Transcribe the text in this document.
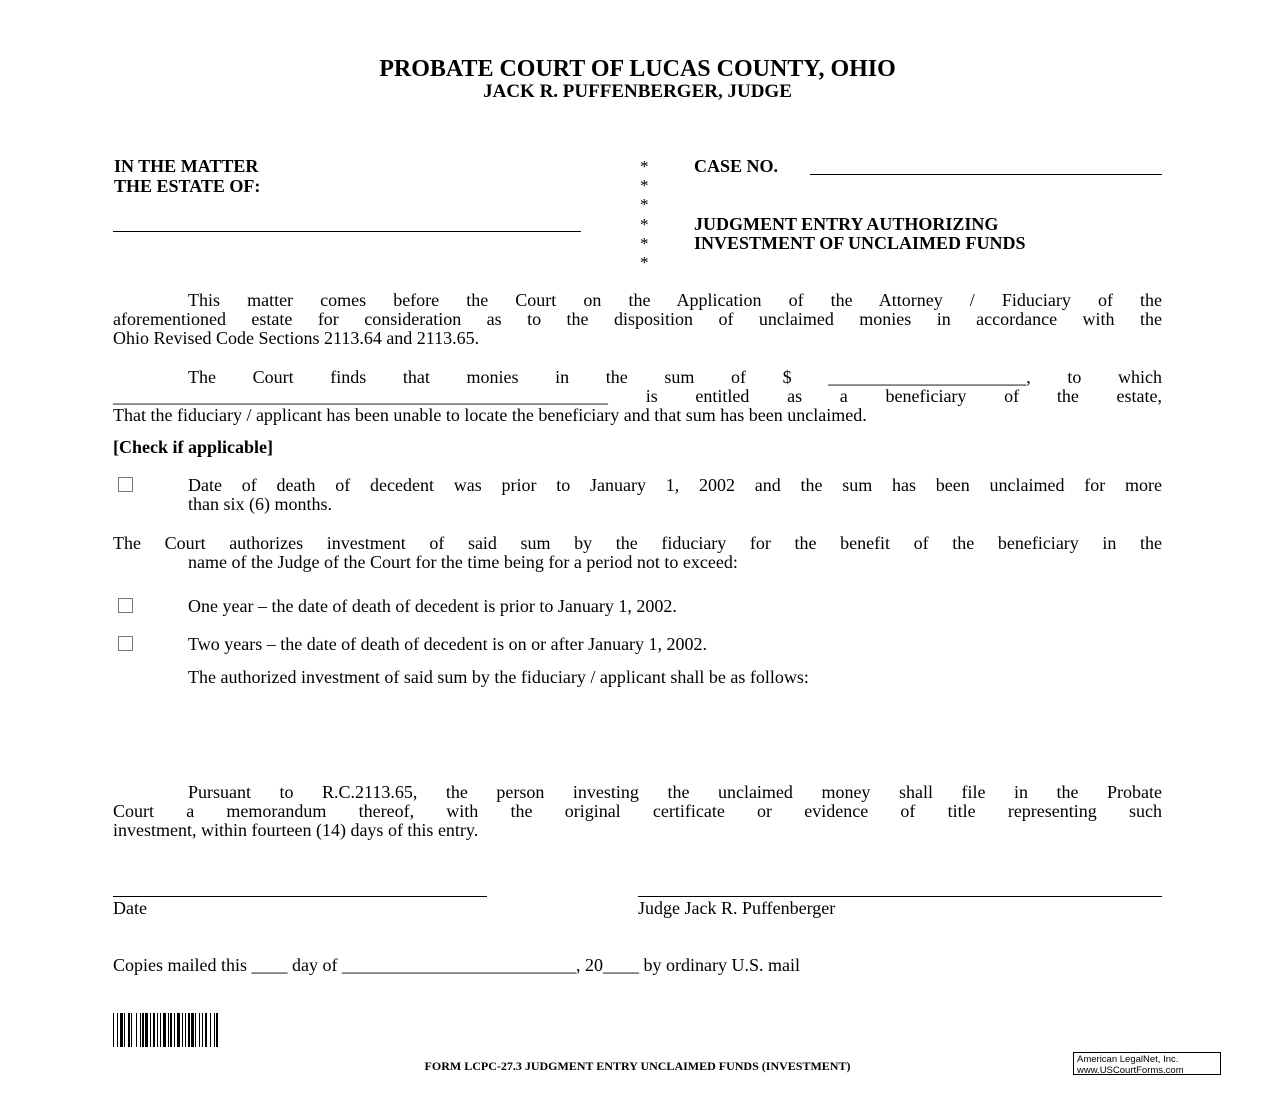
PROBATE COURT OF LUCAS COUNTY, OHIO
JACK R. PUFFENBERGER, JUDGE
IN THE MATTER
THE ESTATE OF:
*
*
*
*
*
*
CASE NO.
JUDGMENT ENTRY AUTHORIZING
INVESTMENT OF UNCLAIMED FUNDS
This matter comes before the Court on the Application of the Attorney / Fiduciary of the
aforementioned estate for consideration as to the disposition of unclaimed monies in accordance with the
Ohio Revised Code Sections 2113.64 and 2113.65.
The Court finds that monies in the sum of $ ______________________, to which
_______________________________________________________ is entitled as a beneficiary of the estate,
That the fiduciary / applicant has been unable to locate the beneficiary and that sum has been unclaimed.
[Check if applicable]
Date of death of decedent was prior to January 1, 2002 and the sum has been unclaimed for more
than six (6) months.
The Court authorizes investment of said sum by the fiduciary for the benefit of the beneficiary in the
name of the Judge of the Court for the time being for a period not to exceed:
One year – the date of death of decedent is prior to January 1, 2002.
Two years – the date of death of decedent is on or after January 1, 2002.
The authorized investment of said sum by the fiduciary / applicant shall be as follows:
Pursuant to R.C.2113.65, the person investing the unclaimed money shall file in the Probate
Court a memorandum thereof, with the original certificate or evidence of title representing such
investment, within fourteen (14) days of this entry.
Date	Judge Jack R. Puffenberger
Copies mailed this ____ day of __________________________, 20____ by ordinary U.S. mail
FORM LCPC-27.3 JUDGMENT ENTRY UNCLAIMED FUNDS (INVESTMENT)	American LegalNet, Inc.
www.USCourtForms.com
